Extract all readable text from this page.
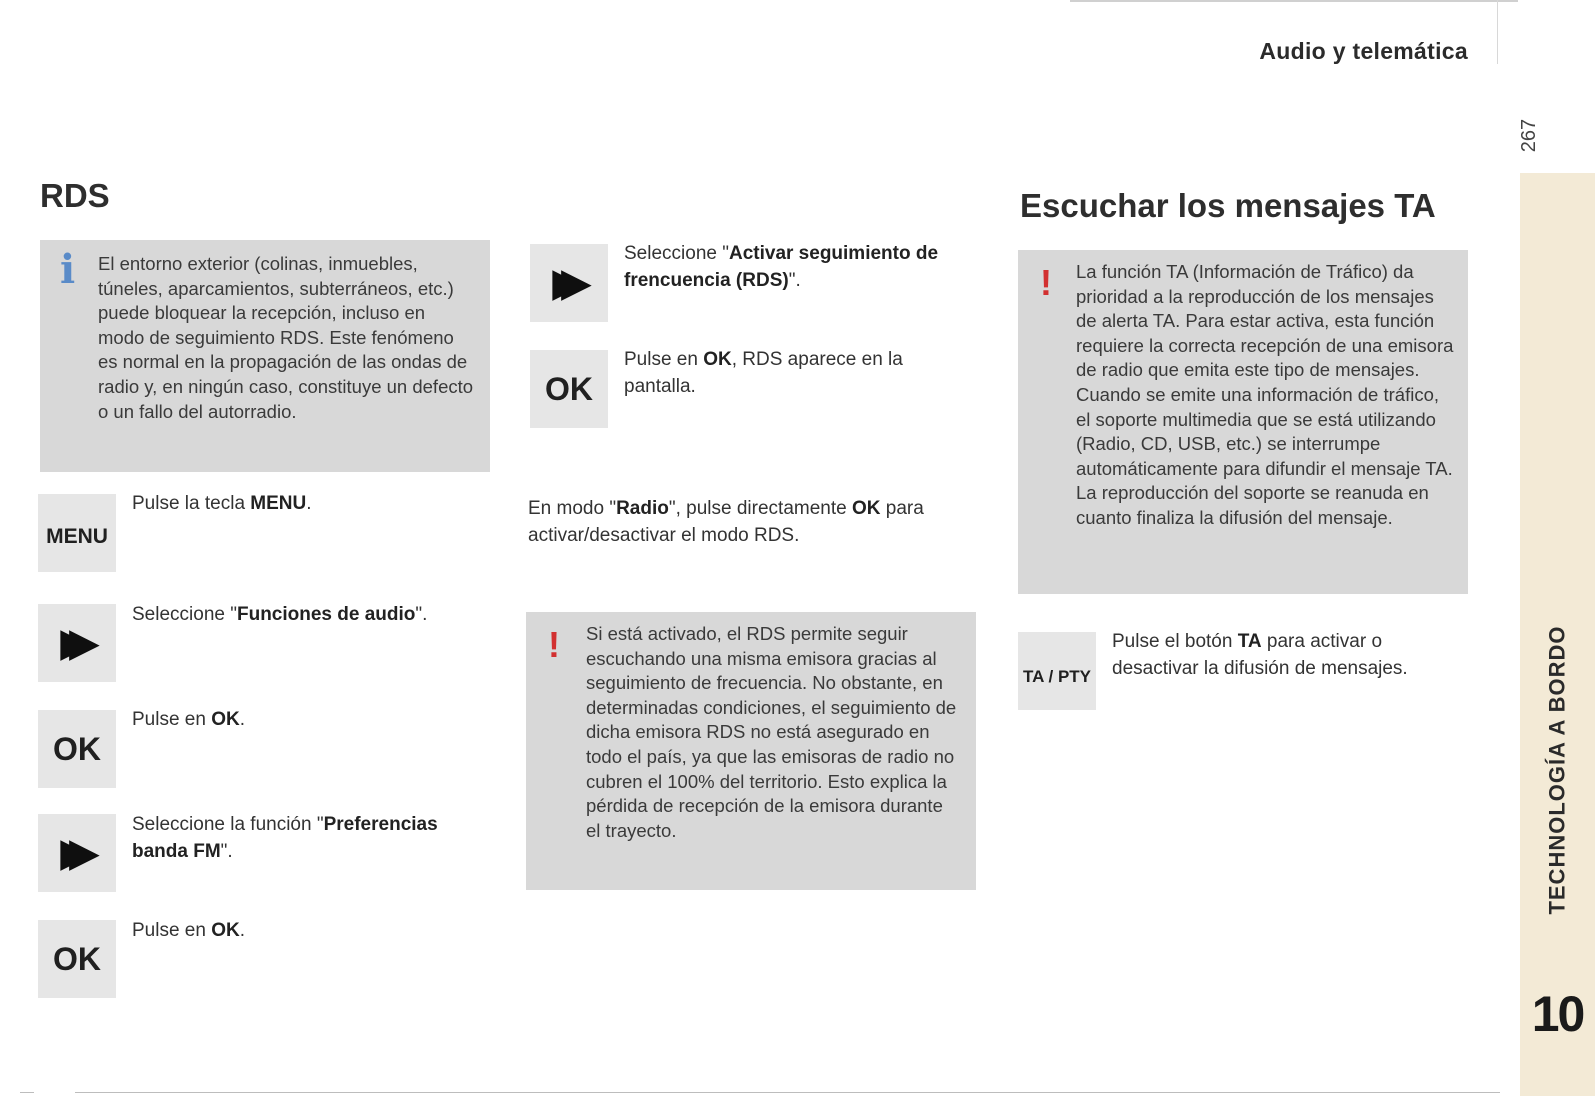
Audio y telemática
267
TECHNOLOGÍA A BORDO
10
RDS
i El entorno exterior (colinas, inmuebles, túneles, aparcamientos, subterráneos, etc.) puede bloquear la recepción, incluso en modo de seguimiento RDS. Este fenómeno es normal en la propagación de las ondas de radio y, en ningún caso, constituye un defecto o un fallo del autorradio.
MENU
Pulse la tecla MENU.
▶▶
Seleccione "Funciones de audio".
OK
Pulse en OK.
▶▶
Seleccione la función "Preferencias banda FM".
OK
Pulse en OK.
▶▶
Seleccione "Activar seguimiento de frencuencia (RDS)".
OK
Pulse en OK, RDS aparece en la pantalla.
En modo "Radio", pulse directamente OK para activar/desactivar el modo RDS.
! Si está activado, el RDS permite seguir escuchando una misma emisora gracias al seguimiento de frecuencia. No obstante, en determinadas condiciones, el seguimiento de dicha emisora RDS no está asegurado en todo el país, ya que las emisoras de radio no cubren el 100% del territorio. Esto explica la pérdida de recepción de la emisora durante el trayecto.
Escuchar los mensajes TA
! La función TA (Información de Tráfico) da prioridad a la reproducción de los mensajes de alerta TA. Para estar activa, esta función requiere la correcta recepción de una emisora de radio que emita este tipo de mensajes. Cuando se emite una información de tráfico, el soporte multimedia que se está utilizando (Radio, CD, USB, etc.) se interrumpe automáticamente para difundir el mensaje TA. La reproducción del soporte se reanuda en cuanto finaliza la difusión del mensaje.
TA / PTY
Pulse el botón TA para activar o desactivar la difusión de mensajes.
